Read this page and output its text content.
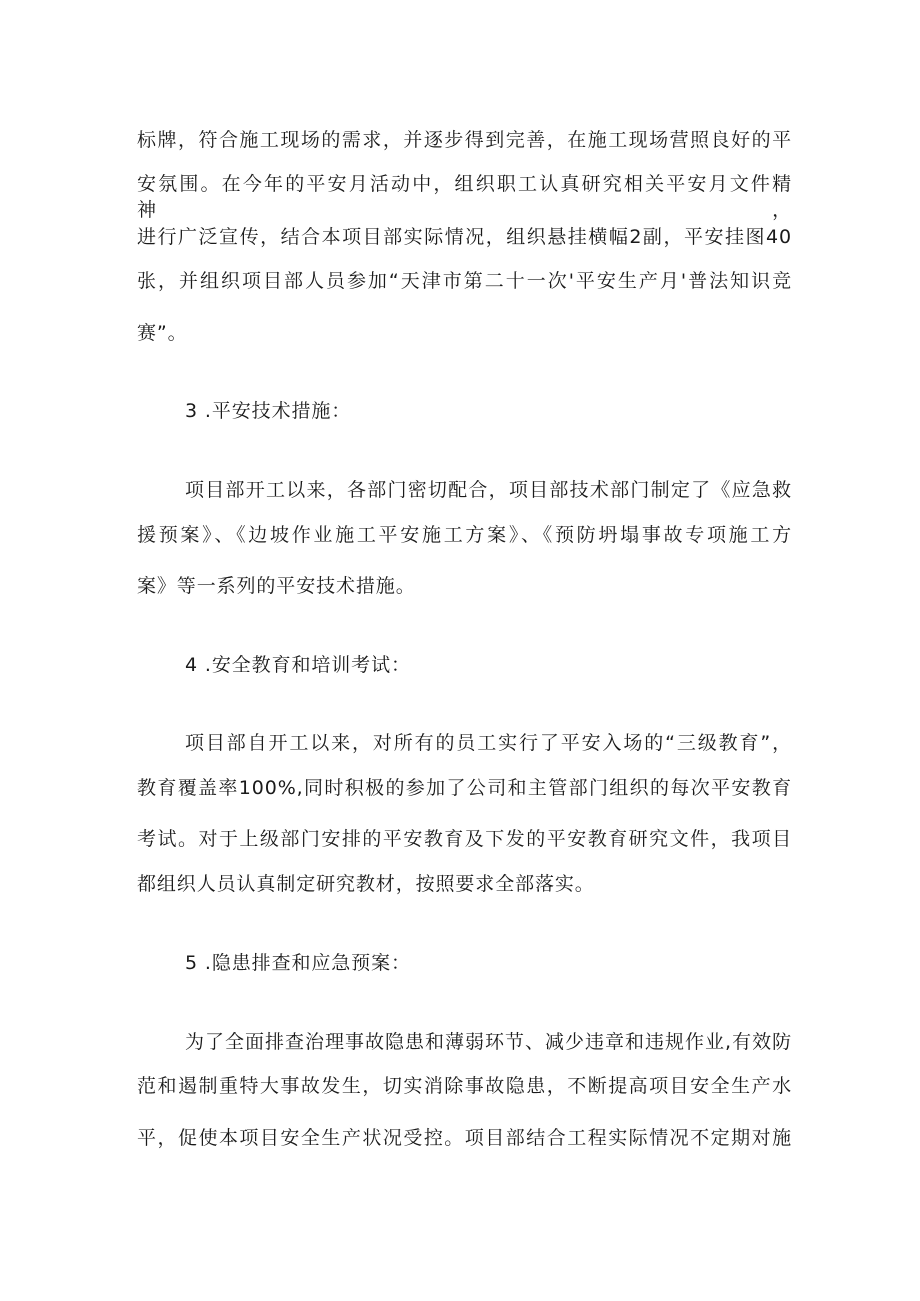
标牌，符合施工现场的需求，并逐步得到完善，在施工现场营照良好的平
安氛围。在今年的平安月活动中，组织职工认真研究相关平安月文件精神，
进行广泛宣传，结合本项目部实际情况，组织悬挂横幅2副，平安挂图40
张，并组织项目部人员参加“天津市第二十一次'平安生产月'普法知识竞
赛”。
3 .平安技术措施：
项目部开工以来，各部门密切配合，项目部技术部门制定了《应急救
援预案》、《边坡作业施工平安施工方案》、《预防坍塌事故专项施工方
案》等一系列的平安技术措施。
4 .安全教育和培训考试：
项目部自开工以来，对所有的员工实行了平安入场的“三级教育”，
教育覆盖率100%,同时积极的参加了公司和主管部门组织的每次平安教育
考试。对于上级部门安排的平安教育及下发的平安教育研究文件，我项目
都组织人员认真制定研究教材，按照要求全部落实。
5 .隐患排查和应急预案：
为了全面排查治理事故隐患和薄弱环节、减少违章和违规作业,有效防
范和遏制重特大事故发生，切实消除事故隐患，不断提高项目安全生产水
平，促使本项目安全生产状况受控。项目部结合工程实际情况不定期对施
